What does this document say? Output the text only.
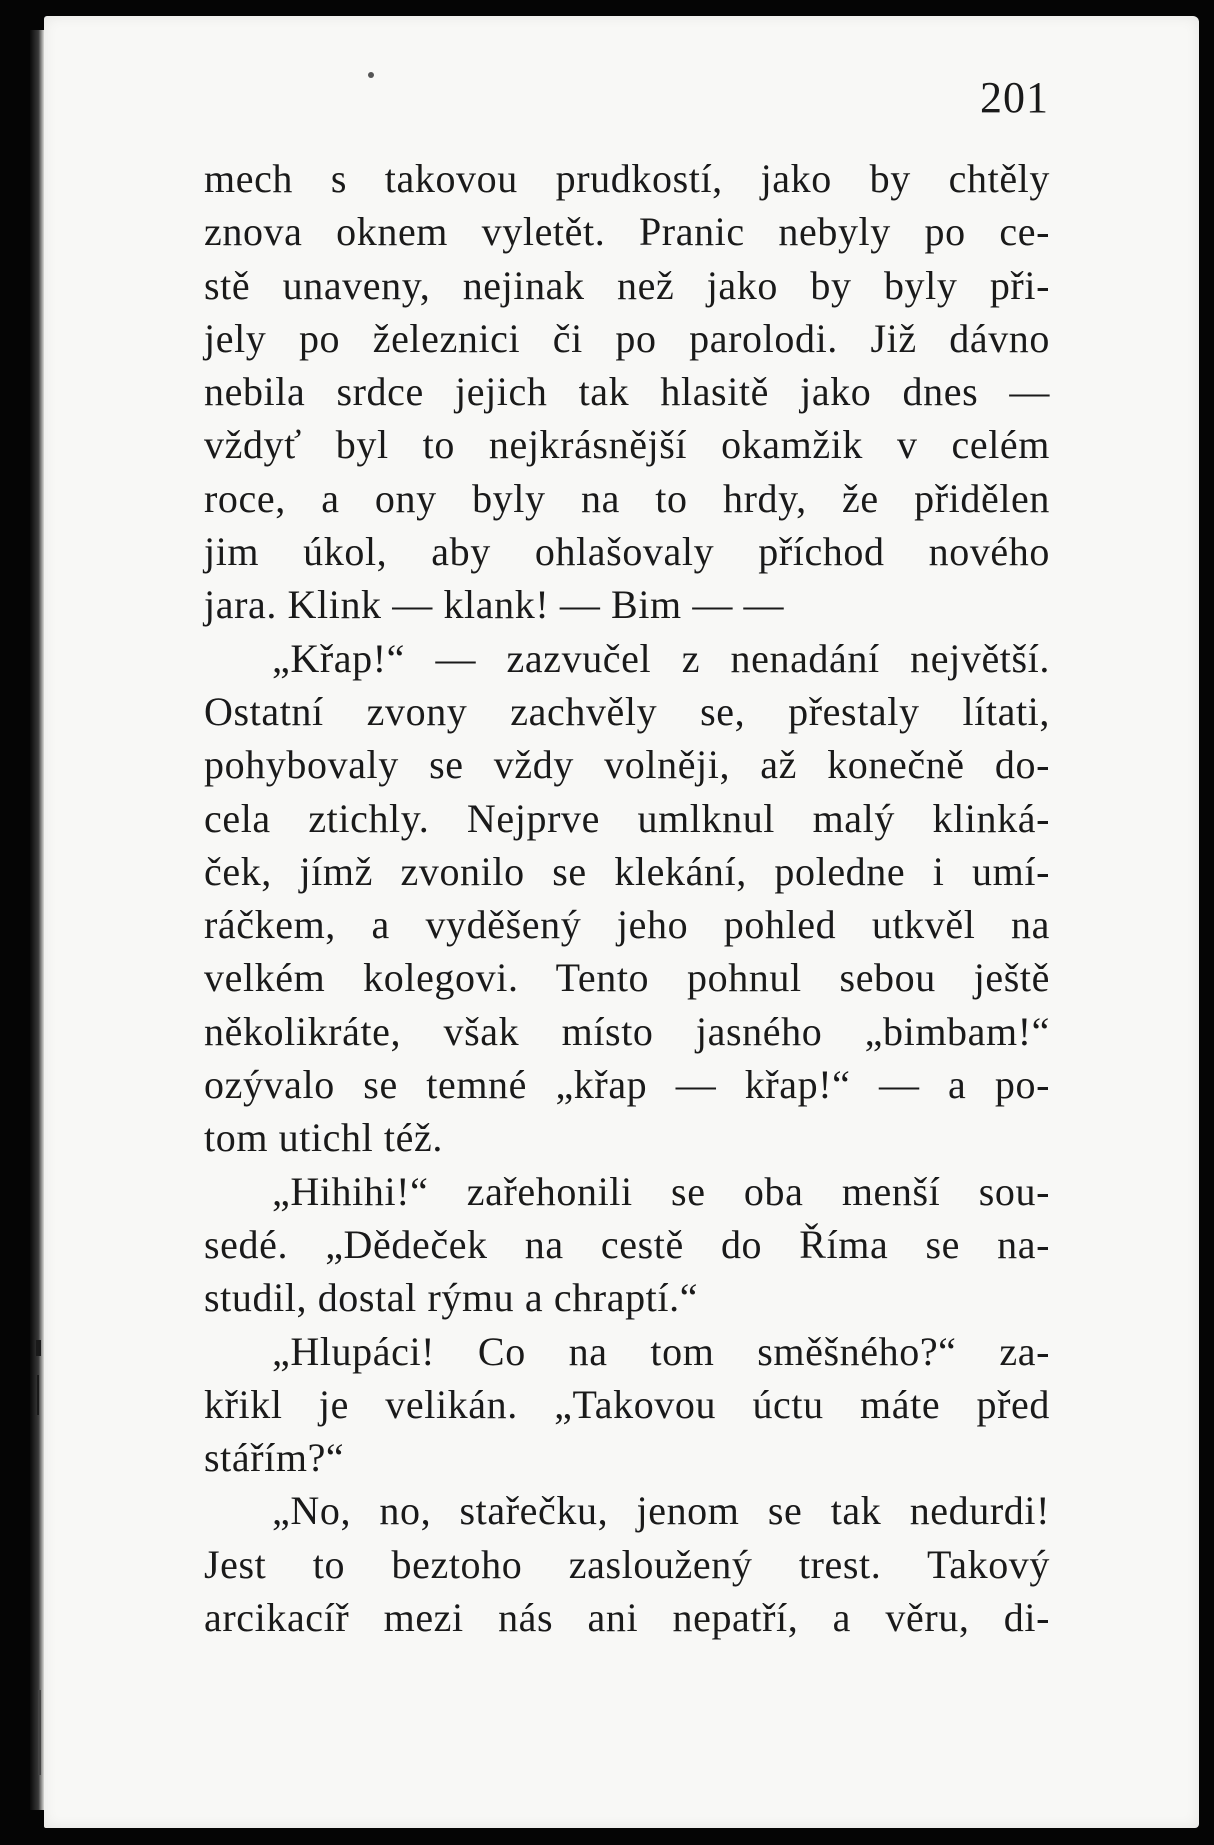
201
mech s takovou prudkostí, jako by chtěly
znova oknem vyletět. Pranic nebyly po ce-
stě unaveny, nejinak než jako by byly při-
jely po železnici či po parolodi. Již dávno
nebila srdce jejich tak hlasitě jako dnes —
vždyť byl to nejkrásnější okamžik v celém
roce, a ony byly na to hrdy, že přidělen
jim úkol, aby ohlašovaly příchod nového
jara. Klink — klank! — Bim — —
„Křap!“ — zazvučel z nenadání největší.
Ostatní zvony zachvěly se, přestaly lítati,
pohybovaly se vždy volněji, až konečně do-
cela ztichly. Nejprve umlknul malý klinká-
ček, jímž zvonilo se klekání, poledne i umí-
ráčkem, a vyděšený jeho pohled utkvěl na
velkém kolegovi. Tento pohnul sebou ještě
několikráte, však místo jasného „bimbam!“
ozývalo se temné „křap — křap!“ — a po-
tom utichl též.
„Hihihi!“ zařehonili se oba menší sou-
sedé. „Dědeček na cestě do Říma se na-
studil, dostal rýmu a chraptí.“
„Hlupáci! Co na tom směšného?“ za-
křikl je velikán. „Takovou úctu máte před
stářím?“
„No, no, stařečku, jenom se tak nedurdi!
Jest to beztoho zasloužený trest. Takový
arcikacíř mezi nás ani nepatří, a věru, di-
